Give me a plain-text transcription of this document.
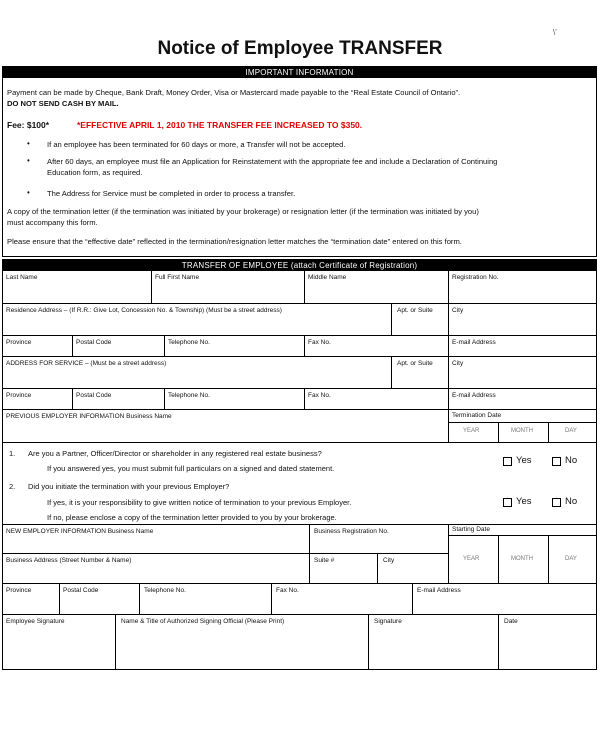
Notice of Employee TRANSFER
\'
IMPORTANT INFORMATION

Payment can be made by Cheque, Bank Draft, Money Order, Visa or Mastercard made payable to the “Real Estate Council of Ontario”.

DO NOT SEND CASH BY MAIL.

Fee: $100*	*EFFECTIVE APRIL 1, 2010 THE TRANSFER FEE INCREASED TO $350.

• If an employee has been terminated for 60 days or more, a Transfer will not be accepted.

• After 60 days, an employee must file an Application for Reinstatement with the appropriate fee and include a Declaration of Continuing

Education form, as required.

• The Address for Service must be completed in order to process a transfer.

A copy of the termination letter (if the termination was initiated by your brokerage) or resignation letter (if the termination was initiated by you)

must accompany this form.

Please ensure that the “effective date” reflected in the termination/resignation letter matches the “termination date” entered on this form.

TRANSFER OF EMPLOYEE (attach Certificate of Registration)
Last Name	Full First Name	Middle Name	Registration No.
Residence Address – (If R.R.: Give Lot, Concession No. & Township) (Must be a street address)	Apt. or Suite	City
Province	Postal Code	Telephone No.	Fax No.	E-mail Address
ADDRESS FOR SERVICE – (Must be a street address)	Apt. or Suite	City
Province	Postal Code	Telephone No.	Fax No.	E-mail Address
PREVIOUS EMPLOYER INFORMATION Business Name	Termination Date
YEAR	MONTH	DAY
1. Are you a Partner, Officer/Director or shareholder in any registered real estate business?
If you answered yes, you must submit full particulars on a signed and dated statement.
Yes	No
2. Did you initiate the termination with your previous Employer?
If yes, it is your responsibility to give written notice of termination to your previous Employer.
If no, please enclose a copy of the termination letter provided to you by your brokerage.
Yes	No
NEW EMPLOYER INFORMATION Business Name	Business Registration No.	Starting Date
YEAR	MONTH	DAY
Business Address (Street Number & Name)	Suite #	City
Province	Postal Code	Telephone No.	Fax No.	E-mail Address
Employee Signature	Name & Title of Authorized Signing Official (Please Print)	Signature	Date
